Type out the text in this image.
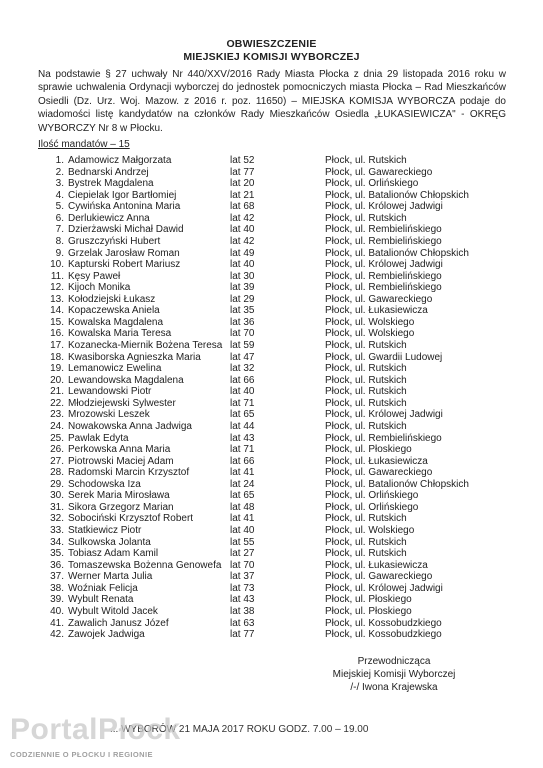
OBWIESZCZENIE
MIEJSKIEJ KOMISJI WYBORCZEJ
Na podstawie § 27 uchwały Nr 440/XXV/2016 Rady Miasta Płocka z dnia 29 listopada 2016 roku w sprawie uchwalenia Ordynacji wyborczej do jednostek pomocniczych miasta Płocka – Rad Mieszkańców Osiedli (Dz. Urz. Woj. Mazow. z 2016 r. poz. 11650) – MIEJSKA KOMISJA WYBORCZA podaje do wiadomości listę kandydatów na członków Rady Mieszkańców Osiedla „ŁUKASIEWICZA" - OKRĘG WYBORCZY Nr 8 w Płocku.
Ilość mandatów – 15
1. Adamowicz Małgorzata	lat 52	Płock, ul. Rutskich
2. Bednarski Andrzej	lat 77	Płock, ul. Gawareckiego
3. Bystrek Magdalena	lat 20	Płock, ul. Orlińskiego
4. Ciepielak Igor Bartłomiej	lat 21	Płock, ul. Batalionów Chłopskich
5. Cywińska Antonina Maria	lat 68	Płock, ul. Królowej Jadwigi
6. Derlukiewicz Anna	lat 42	Płock, ul. Rutskich
7. Dzierżawski Michał Dawid	lat 40	Płock, ul. Rembielińskiego
8. Gruszczyński Hubert	lat 42	Płock, ul. Rembielińskiego
9. Grzelak Jarosław Roman	lat 49	Płock, ul. Batalionów Chłopskich
10. Kapturski Robert Mariusz	lat 40	Płock, ul. Królowej Jadwigi
11. Kęsy Paweł	lat 30	Płock, ul. Rembielińskiego
12. Kijoch Monika	lat 39	Płock, ul. Rembielińskiego
13. Kołodziejski Łukasz	lat 29	Płock, ul. Gawareckiego
14. Kopaczewska Aniela	lat 35	Płock, ul. Łukasiewicza
15. Kowalska Magdalena	lat 36	Płock, ul. Wolskiego
16. Kowalska Maria Teresa	lat 70	Płock, ul. Wolskiego
17. Kozanecka-Miernik Bożena Teresa lat 59	Płock, ul. Rutskich
18. Kwasiborska Agnieszka Maria	lat 47	Płock, ul. Gwardii Ludowej
19. Lemanowicz Ewelina	lat 32	Płock, ul. Rutskich
20. Lewandowska Magdalena	lat 66	Płock, ul. Rutskich
21. Lewandowski Piotr	lat 40	Płock, ul. Rutskich
22. Młodziejewski Sylwester	lat 71	Płock, ul. Rutskich
23. Mrozowski Leszek	lat 65	Płock, ul. Królowej Jadwigi
24. Nowakowska Anna Jadwiga	lat 44	Płock, ul. Rutskich
25. Pawlak Edyta	lat 43	Płock, ul. Rembielińskiego
26. Perkowska Anna Maria	lat 71	Płock, ul. Płoskiego
27. Piotrowski Maciej Adam	lat 66	Płock, ul. Łukasiewicza
28. Radomski Marcin Krzysztof	lat 41	Płock, ul. Gawareckiego
29. Schodowska Iza	lat 24	Płock, ul. Batalionów Chłopskich
30. Serek Maria Mirosława	lat 65	Płock, ul. Orlińskiego
31. Sikora Grzegorz Marian	lat 48	Płock, ul. Orlińskiego
32. Sobociński Krzysztof Robert	lat 41	Płock, ul. Rutskich
33. Statkiewicz Piotr	lat 40	Płock, ul. Wolskiego
34. Sulkowska Jolanta	lat 55	Płock, ul. Rutskich
35. Tobiasz Adam Kamil	lat 27	Płock, ul. Rutskich
36. Tomaszewska Bożenna Genowefa lat 70	Płock, ul. Łukasiewicza
37. Werner Marta Julia	lat 37	Płock, ul. Gawareckiego
38. Woźniak Felicja	lat 73	Płock, ul. Królowej Jadwigi
39. Wybult Renata	lat 43	Płock, ul. Płoskiego
40. Wybult Witold Jacek	lat 38	Płock, ul. Płoskiego
41. Zawalich Janusz Józef	lat 63	Płock, ul. Kossobudzkiego
42. Zawojek Jadwiga	lat 77	Płock, ul. Kossobudzkiego
Przewodnicząca
Miejskiej Komisji Wyborczej
/-/ Iwona Krajewska
... WYBORÓW 21 MAJA 2017 ROKU GODZ. 7.00 – 19.00
PortalPłock
CODZIENNIE O PŁOCKU I REGIONIE
